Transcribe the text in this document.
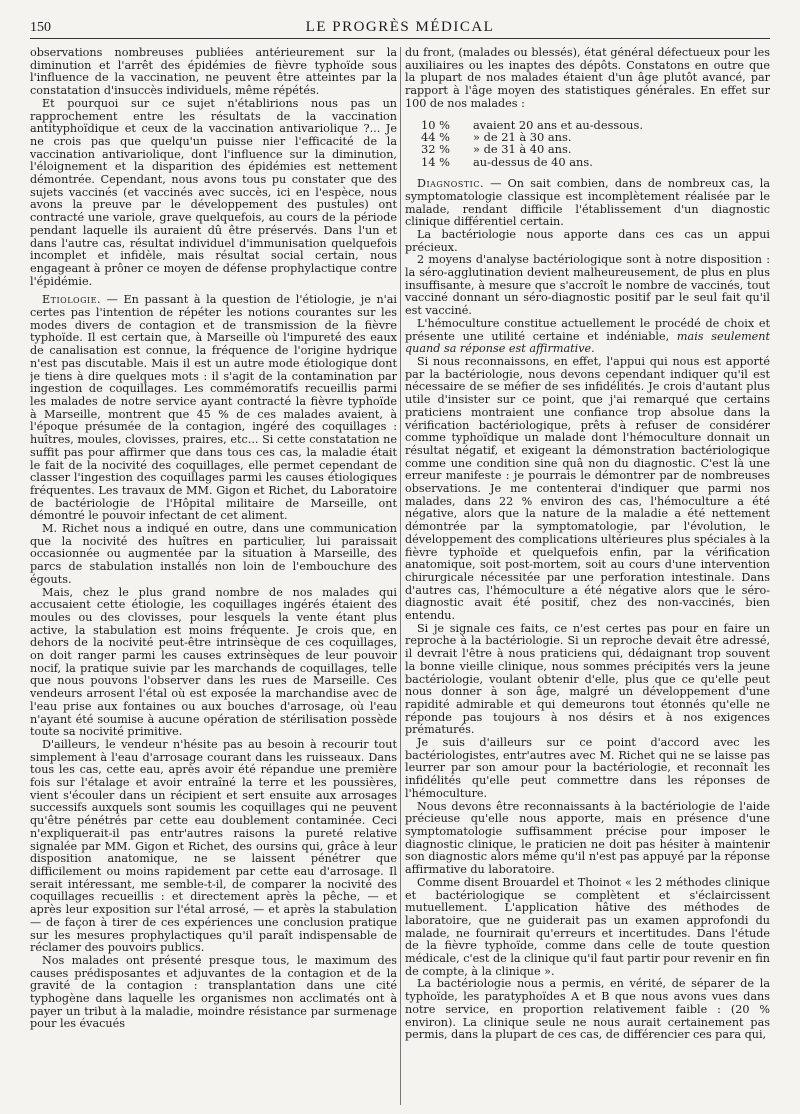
150	LE PROGRÈS MÉDICAL

observations nombreuses publiées antérieurement sur la diminution et l'arrêt des épidémies de fièvre typhoïde sous l'influence de la vaccination, ne peuvent être atteintes par la constatation d'insuccès individuels, même répétés.

Et pourquoi sur ce sujet n'établirions nous pas un rapprochement entre les résultats de la vaccination antityphoïdique et ceux de la vaccination antivariolique ?... Je ne crois pas que quelqu'un puisse nier l'efficacité de la vaccination antivariolique, dont l'influence sur la diminution, l'éloignement et la disparition des épidémies est nettement démontrée. Cependant, nous avons tous pu constater que des sujets vaccinés (et vaccinés avec succès, ici en l'espèce, nous avons la preuve par le développement des pustules) ont contracté une variole, grave quelquefois, au cours de la période pendant laquelle ils auraient dû être préservés. Dans l'un et dans l'autre cas, résultat individuel d'immunisation quelquefois incomplet et infidèle, mais résultat social certain, nous engageant à prôner ce moyen de défense prophylactique contre l'épidémie.

Etiologie. — En passant à la question de l'étiologie, je n'ai certes pas l'intention de répéter les notions courantes sur les modes divers de contagion et de transmission de la fièvre typhoïde. Il est certain que, à Marseille où l'impureté des eaux de canalisation est connue, la fréquence de l'origine hydrique n'est pas discutable. Mais il est un autre mode étiologique dont je tiens à dire quelques mots : il s'agit de la contamination par ingestion de coquillages. Les commémoratifs recueillis parmi les malades de notre service ayant contracté la fièvre typhoïde à Marseille, montrent que 45 % de ces malades avaient, à l'époque présumée de la contagion, ingéré des coquillages : huîtres, moules, clovisses, praires, etc... Si cette constatation ne suffit pas pour affirmer que dans tous ces cas, la maladie était le fait de la nocivité des coquillages, elle permet cependant de classer l'ingestion des coquillages parmi les causes étiologiques fréquentes. Les travaux de MM. Gigon et Richet, du Laboratoire de bactériologie de l'Hôpital militaire de Marseille, ont démontré le pouvoir infectant de cet aliment.

M. Richet nous a indiqué en outre, dans une communication que la nocivité des huîtres en particulier, lui paraissait occasionnée ou augmentée par la situation à Marseille, des parcs de stabulation installés non loin de l'embouchure des égouts.

Mais, chez le plus grand nombre de nos malades qui accusaient cette étiologie, les coquillages ingérés étaient des moules ou des clovisses, pour lesquels la vente étant plus active, la stabulation est moins fréquente. Je crois que, en dehors de la nocivité peut-être intrinsèque de ces coquillages, on doit ranger parmi les causes extrinsèques de leur pouvoir nocif, la pratique suivie par les marchands de coquillages, telle que nous pouvons l'observer dans les rues de Marseille. Ces vendeurs arrosent l'étal où est exposée la marchandise avec de l'eau prise aux fontaines ou aux bouches d'arrosage, où l'eau n'ayant été soumise à aucune opération de stérilisation possède toute sa nocivité primitive.

D'ailleurs, le vendeur n'hésite pas au besoin à recourir tout simplement à l'eau d'arrosage courant dans les ruisseaux. Dans tous les cas, cette eau, après avoir été répandue une première fois sur l'étalage et avoir entraîné la terre et les poussières, vient s'écouler dans un récipient et sert ensuite aux arrosages successifs auxquels sont soumis les coquillages qui ne peuvent qu'être pénétrés par cette eau doublement contaminée. Ceci n'expliquerait-il pas entr'autres raisons la pureté relative signalée par MM. Gigon et Richet, des oursins qui, grâce à leur disposition anatomique, ne se laissent pénétrer que difficilement ou moins rapidement par cette eau d'arrosage. Il serait intéressant, me semble-t-il, de comparer la nocivité des coquillages recueillis : et directement après la pêche, — et après leur exposition sur l'étal arrosé, — et après la stabulation — de façon à tirer de ces expériences une conclusion pratique sur les mesures prophylactiques qu'il paraît indispensable de réclamer des pouvoirs publics.

Nos malades ont présenté presque tous, le maximum des causes prédisposantes et adjuvantes de la contagion et de la gravité de la contagion : transplantation dans une cité typhogène dans laquelle les organismes non acclimatés ont à payer un tribut à la maladie, moindre résistance par surmenage pour les évacués

du front, (malades ou blessés), état général défectueux pour les auxiliaires ou les inaptes des dépôts. Constatons en outre que la plupart de nos malades étaient d'un âge plutôt avancé, par rapport à l'âge moyen des statistiques générales. En effet sur 100 de nos malades :

10 %	avaient 20 ans et au-dessous.
44 %	» de 21 à 30 ans.
32 %	» de 31 à 40 ans.
14 %	au-dessus de 40 ans.

Diagnostic. — On sait combien, dans de nombreux cas, la symptomatologie classique est incomplètement réalisée par le malade, rendant difficile l'établissement d'un diagnostic clinique différentiel certain.

La bactériologie nous apporte dans ces cas un appui précieux.

2 moyens d'analyse bactériologique sont à notre disposition : la séro-agglutination devient malheureusement, de plus en plus insuffisante, à mesure que s'accroît le nombre de vaccinés, tout vacciné donnant un séro-diagnostic positif par le seul fait qu'il est vacciné.

L'hémoculture constitue actuellement le procédé de choix et présente une utilité certaine et indéniable, mais seulement quand sa réponse est affirmative.

Si nous reconnaissons, en effet, l'appui qui nous est apporté par la bactériologie, nous devons cependant indiquer qu'il est nécessaire de se méfier de ses infidélités. Je crois d'autant plus utile d'insister sur ce point, que j'ai remarqué que certains praticiens montraient une confiance trop absolue dans la vérification bactériologique, prêts à refuser de considérer comme typhoïdique un malade dont l'hémoculture donnait un résultat négatif, et exigeant la démonstration bactériologique comme une condition sine quâ non du diagnostic. C'est là une erreur manifeste : je pourrais le démontrer par de nombreuses observations. Je me contenterai d'indiquer que parmi nos malades, dans 22 % environ des cas, l'hémoculture a été négative, alors que la nature de la maladie a été nettement démontrée par la symptomatologie, par l'évolution, le développement des complications ultérieures plus spéciales à la fièvre typhoïde et quelquefois enfin, par la vérification anatomique, soit post-mortem, soit au cours d'une intervention chirurgicale nécessitée par une perforation intestinale. Dans d'autres cas, l'hémoculture a été négative alors que le séro-diagnostic avait été positif, chez des non-vaccinés, bien entendu.

Si je signale ces faits, ce n'est certes pas pour en faire un reproche à la bactériologie. Si un reproche devait être adressé, il devrait l'être à nous praticiens qui, dédaignant trop souvent la bonne vieille clinique, nous sommes précipités vers la jeune bactériologie, voulant obtenir d'elle, plus que ce qu'elle peut nous donner à son âge, malgré un développement d'une rapidité admirable et qui demeurons tout étonnés qu'elle ne réponde pas toujours à nos désirs et à nos exigences prématurés.

Je suis d'ailleurs sur ce point d'accord avec les bactériologistes, entr'autres avec M. Richet qui ne se laisse pas leurrer par son amour pour la bactériologie, et reconnaît les infidélités qu'elle peut commettre dans les réponses de l'hémoculture.

Nous devons être reconnaissants à la bactériologie de l'aide précieuse qu'elle nous apporte, mais en présence d'une symptomatologie suffisamment précise pour imposer le diagnostic clinique, le praticien ne doit pas hésiter à maintenir son diagnostic alors même qu'il n'est pas appuyé par la réponse affirmative du laboratoire.

Comme disent Brouardel et Thoinot « les 2 méthodes clinique et bactériologique se complètent et s'éclaircissent mutuellement. L'application hâtive des méthodes de laboratoire, que ne guiderait pas un examen approfondi du malade, ne fournirait qu'erreurs et incertitudes. Dans l'étude de la fièvre typhoïde, comme dans celle de toute question médicale, c'est de la clinique qu'il faut partir pour revenir en fin de compte, à la clinique ».

La bactériologie nous a permis, en vérité, de séparer de la typhoïde, les paratyphoïdes A et B que nous avons vues dans notre service, en proportion relativement faible : (20 % environ). La clinique seule ne nous aurait certainement pas permis, dans la plupart de ces cas, de différencier ces para qui,
